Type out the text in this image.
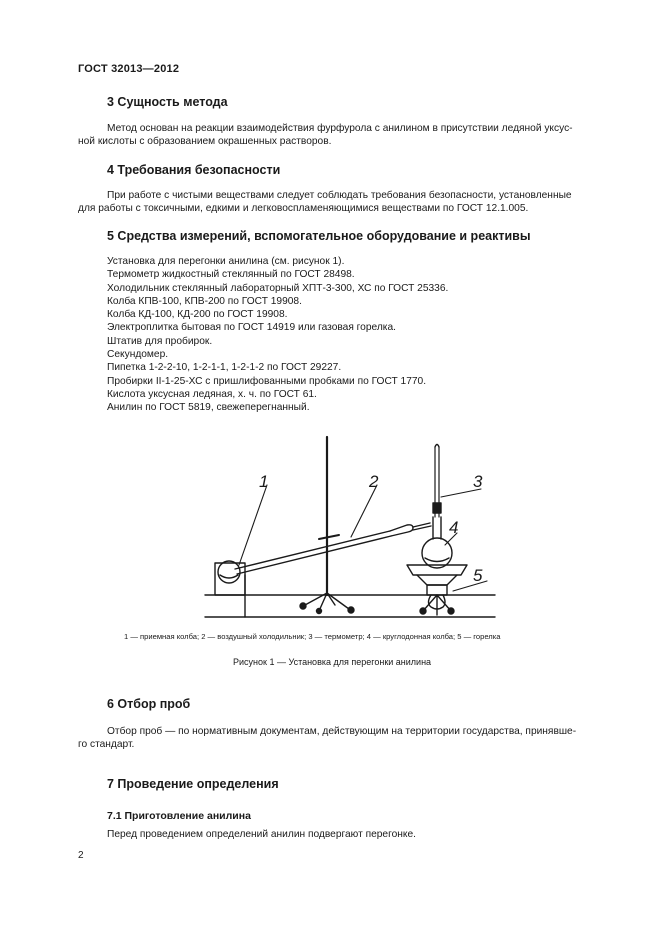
ГОСТ 32013—2012
3 Сущность метода
Метод основан на реакции взаимодействия фурфурола с анилином в присутствии ледяной уксус-
ной кислоты с образованием окрашенных растворов.
4 Требования безопасности
При работе с чистыми веществами следует соблюдать требования безопасности, установленные
для работы с токсичными, едкими и легковоспламеняющимися веществами по ГОСТ 12.1.005.
5 Средства измерений, вспомогательное оборудование и реактивы
Установка для перегонки анилина (см. рисунок 1).
Термометр жидкостный стеклянный по ГОСТ 28498.
Холодильник стеклянный лабораторный ХПТ-3-300, ХС по ГОСТ 25336.
Колба КПВ-100, КПВ-200 по ГОСТ 19908.
Колба КД-100, КД-200 по ГОСТ 19908.
Электроплитка бытовая по ГОСТ 14919 или газовая горелка.
Штатив для пробирок.
Секундомер.
Пипетка 1-2-2-10, 1-2-1-1, 1-2-1-2 по ГОСТ 29227.
Пробирки II-1-25-ХС с пришлифованными пробками по ГОСТ 1770.
Кислота уксусная ледяная, х. ч. по ГОСТ 61.
Анилин по ГОСТ 5819, свежеперегнанный.
1	2	3
4
5
1 — приемная колба; 2 — воздушный холодильник; 3 — термометр; 4 — круглодонная колба; 5 — горелка
Рисунок 1 — Установка для перегонки анилина
6 Отбор проб
Отбор проб — по нормативным документам, действующим на территории государства, принявше-
го стандарт.
7 Проведение определения
7.1 Приготовление анилина
Перед проведением определений анилин подвергают перегонке.
2
